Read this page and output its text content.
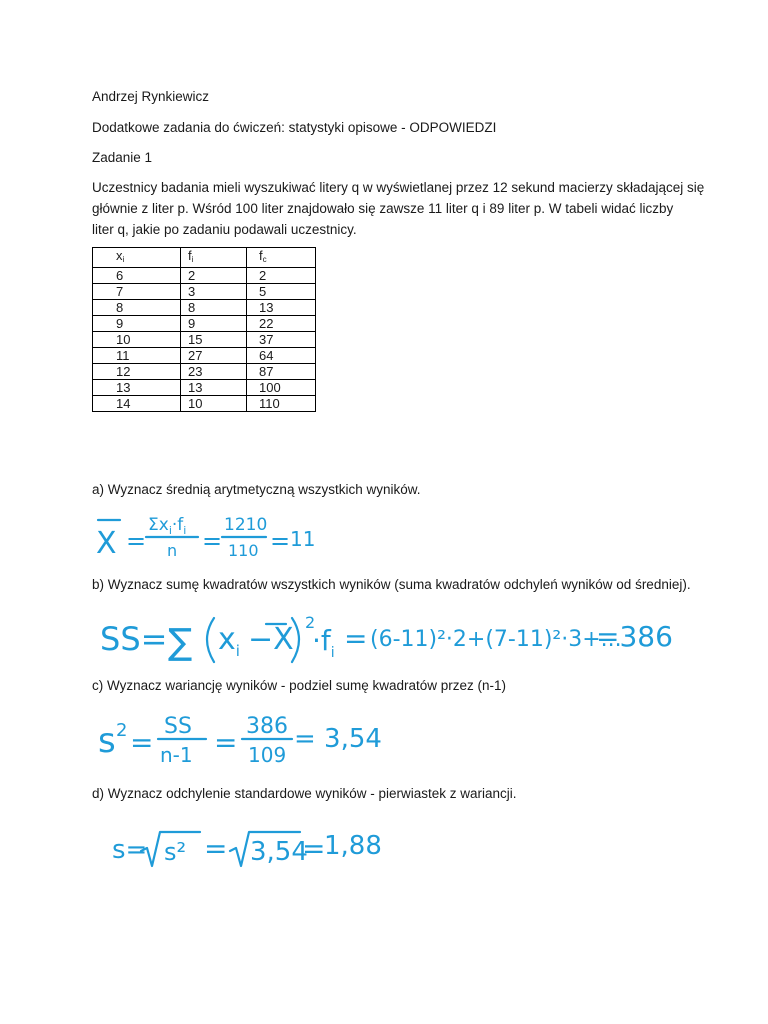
Andrzej Rynkiewicz
Dodatkowe zadania do ćwiczeń: statystyki opisowe - ODPOWIEDZI
Zadanie 1
Uczestnicy badania mieli wyszukiwać litery q w wyświetlanej przez 12 sekund macierzy składającej się
głównie z liter p. Wśród 100 liter znajdowało się zawsze 11 liter q i 89 liter p. W tabeli widać liczby
liter q, jakie po zadaniu podawali uczestnicy.
$x_i$	$f_i$	$f_c$
6	2	2
7	3	5
8	8	13
9	9	22
10	15	37
11	27	64
12	23	87
13	13	100
14	10	110
a) Wyznacz średnią arytmetyczną wszystkich wyników.
b) Wyznacz sumę kwadratów wszystkich wyników (suma kwadratów odchyleń wyników od średniej).
c) Wyznacz wariancję wyników - podziel sumę kwadratów przez (n-1)
d) Wyznacz odchylenie standardowe wyników - pierwiastek z wariancji.
X =
$\Sigma x_i\cdot f_i$
n =
1210
110 = 11
SS= ∑ $x_i -X$ 2
$\cdot f_i = (6-11)^2\cdot 2+(7-11)^2\cdot 3+$...
=386
s 2 = SS
n-1 = 386
109
= 3,54
s= s² = 3,54
=
1,88
